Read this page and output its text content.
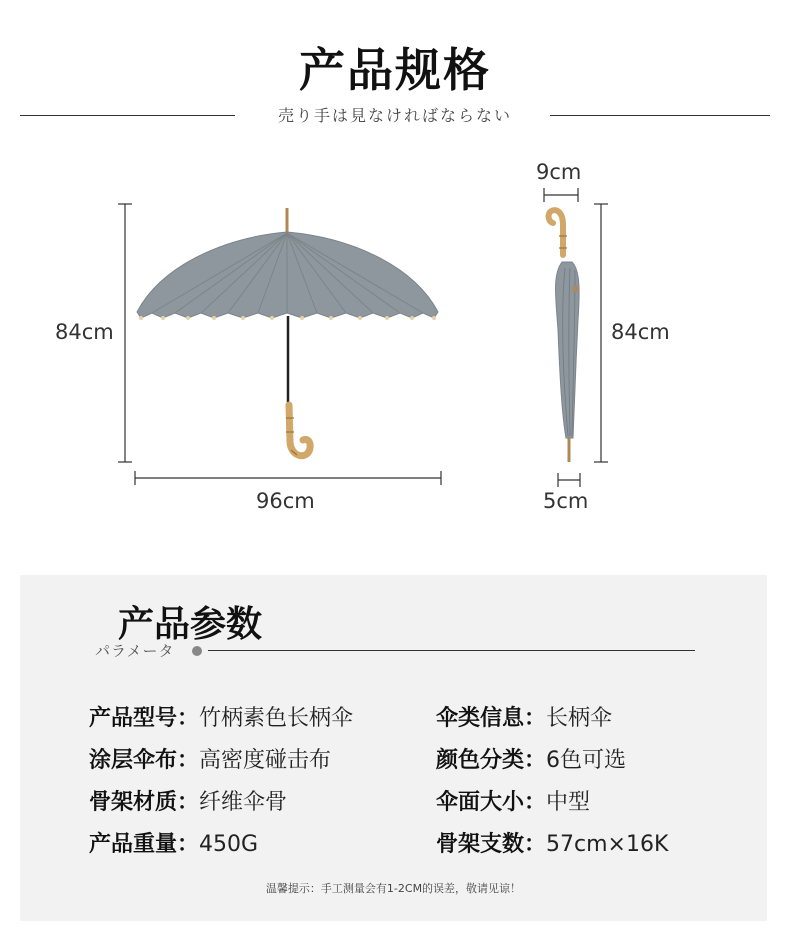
产品规格
売り手は見なければならない
84cm
96cm
9cm
84cm
5cm
产品参数
パラメータ
产品型号：竹柄素色长柄伞	伞类信息：长柄伞
涂层伞布：高密度碰击布	颜色分类：6色可选
骨架材质：纤维伞骨	伞面大小：中型
产品重量：450G	骨架支数：57cm×16K
温馨提示：手工测量会有1-2CM的误差，敬请见谅！
